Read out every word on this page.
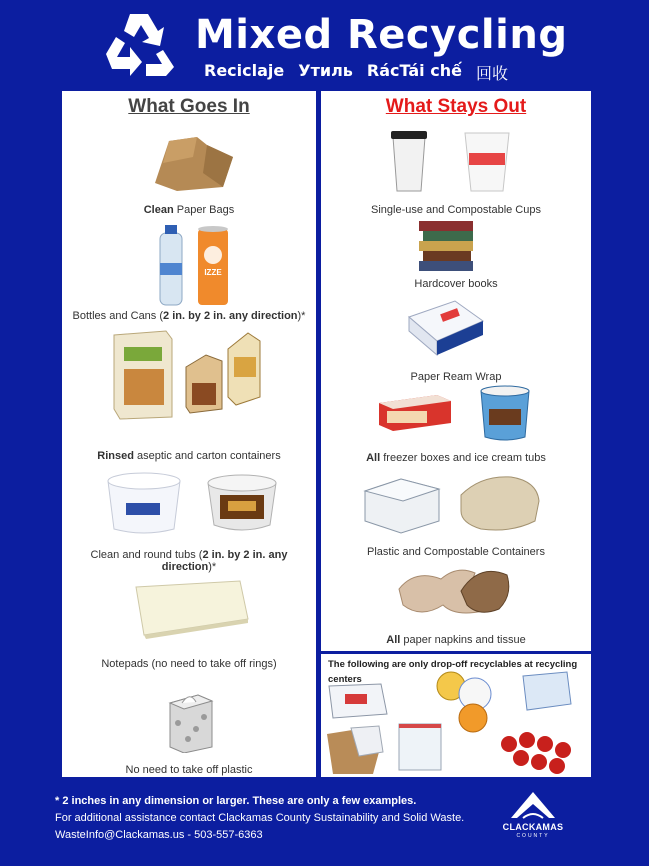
Mixed Recycling
Reciclaje Утиль RácTái chế 回收
What Goes In
Clean Paper Bags
IZZE
Bottles and Cans (2 in. by 2 in. any direction)*
Rinsed aseptic and carton containers
Clean and round tubs (2 in. by 2 in. any direction)*
Notepads (no need to take off rings)
No need to take off plastic
What Stays Out
Single-use and Compostable Cups
Hardcover books
Paper Ream Wrap
All freezer boxes and ice cream tubs
Plastic and Compostable Containers
All paper napkins and tissue
The following are only drop-off recyclables at recycling centers
* 2 inches in any dimension or larger. These are only a few examples.
For additional assistance contact Clackamas County Sustainability and Solid Waste.
WasteInfo@Clackamas.us - 503-557-6363
CLACKAMAS
COUNTY
